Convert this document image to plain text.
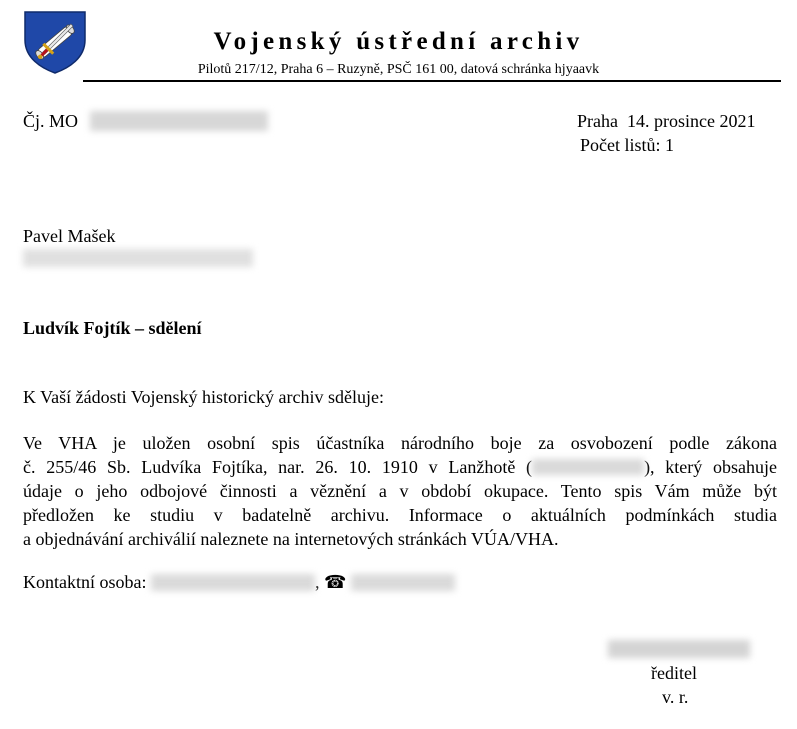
Vojenský ústřední archiv
Pilotů 217/12, Praha 6 – Ruzyně, PSČ 161 00, datová schránka hjyaavk
Čj. MO	Praha  14. prosince 2021
Počet listů: 1
Pavel Mašek
Ludvík Fojtík – sdělení
K Vaší žádosti Vojenský historický archiv sděluje:
Ve VHA je uložen osobní spis účastníka národního boje za osvobození podle zákona
č. 255/46 Sb. Ludvíka Fojtíka, nar. 26. 10. 1910 v Lanžhotě (	), který obsahuje
údaje o jeho odbojové činnosti a věznění a v období okupace. Tento spis Vám může být
předložen ke studiu v badatelně archivu. Informace o aktuálních podmínkách studia
a objednávání archiválií naleznete na internetových stránkách VÚA/VHA.
Kontaktní osoba:	, ☎
ředitel
v. r.
